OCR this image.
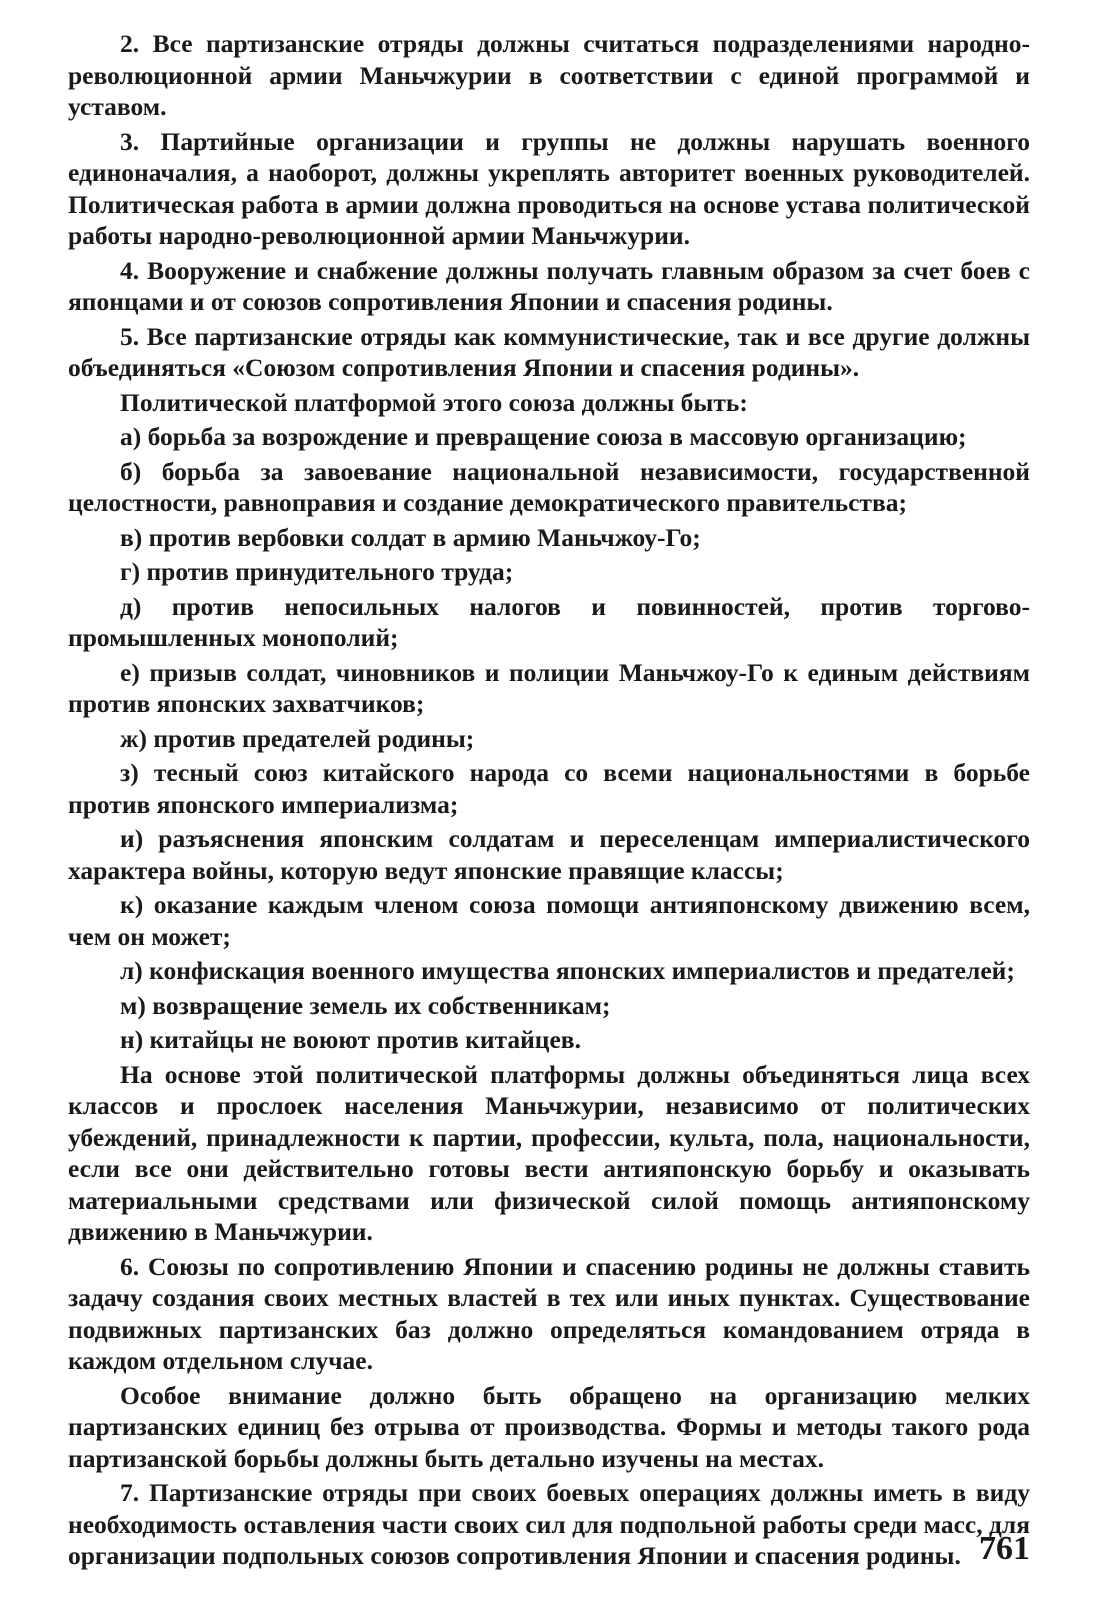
2. Все партизанские отряды должны считаться подразделениями народно-революционной армии Маньчжурии в соответствии с единой программой и уставом.

3. Партийные организации и группы не должны нарушать военного единоначалия, а наоборот, должны укреплять авторитет военных руководителей. Политическая работа в армии должна проводиться на основе устава политической работы народно-революционной армии Маньчжурии.

4. Вооружение и снабжение должны получать главным образом за счет боев с японцами и от союзов сопротивления Японии и спасения родины.

5. Все партизанские отряды как коммунистические, так и все другие должны объединяться «Союзом сопротивления Японии и спасения родины».

Политической платформой этого союза должны быть:

а) борьба за возрождение и превращение союза в массовую организацию;

б) борьба за завоевание национальной независимости, государственной целостности, равноправия и создание демократического правительства;

в) против вербовки солдат в армию Маньчжоу-Го;

г) против принудительного труда;

д) против непосильных налогов и повинностей, против торгово-промышленных монополий;

е) призыв солдат, чиновников и полиции Маньчжоу-Го к единым действиям против японских захватчиков;

ж) против предателей родины;

з) тесный союз китайского народа со всеми национальностями в борьбе против японского империализма;

и) разъяснения японским солдатам и переселенцам империалистического характера войны, которую ведут японские правящие классы;

к) оказание каждым членом союза помощи антияпонскому движению всем, чем он может;

л) конфискация военного имущества японских империалистов и предателей;

м) возвращение земель их собственникам;

н) китайцы не воюют против китайцев.

На основе этой политической платформы должны объединяться лица всех классов и прослоек населения Маньчжурии, независимо от политических убеждений, принадлежности к партии, профессии, культа, пола, национальности, если все они действительно готовы вести антияпонскую борьбу и оказывать материальными средствами или физической силой помощь антияпонскому движению в Маньчжурии.

6. Союзы по сопротивлению Японии и спасению родины не должны ставить задачу создания своих местных властей в тех или иных пунктах. Существование подвижных партизанских баз должно определяться командованием отряда в каждом отдельном случае.

Особое внимание должно быть обращено на организацию мелких партизанских единиц без отрыва от производства. Формы и методы такого рода партизанской борьбы должны быть детально изучены на местах.

7. Партизанские отряды при своих боевых операциях должны иметь в виду необходимость оставления части своих сил для подпольной работы среди масс, для организации подпольных союзов сопротивления Японии и спасения родины. 761
